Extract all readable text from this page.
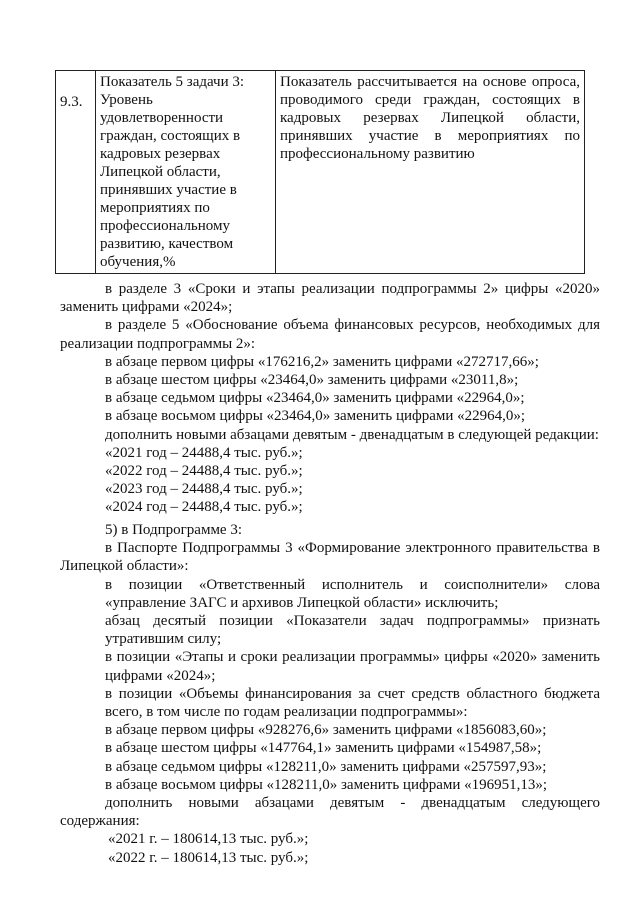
9.3.	Показатель 5 задачи 3: Уровень удовлетворенности граждан, состоящих в кадровых резервах Липецкой области, принявших участие в мероприятиях по профессиональному развитию, качеством обучения,%	Показатель рассчитывается на основе опроса, проводимого среди граждан, состоящих в кадровых резервах Липецкой области, принявших участие в мероприятиях по профессиональному развитию

в разделе 3 «Сроки и этапы реализации подпрограммы 2» цифры «2020» заменить цифрами «2024»;

в разделе 5 «Обоснование объема финансовых ресурсов, необходимых для реализации подпрограммы 2»:

в абзаце первом цифры «176216,2» заменить цифрами «272717,66»;

в абзаце шестом цифры «23464,0» заменить цифрами «23011,8»;

в абзаце седьмом цифры «23464,0» заменить цифрами «22964,0»;

в абзаце восьмом цифры «23464,0» заменить цифрами «22964,0»;

дополнить новыми абзацами девятым - двенадцатым в следующей редакции:

«2021 год – 24488,4 тыс. руб.»;

«2022 год – 24488,4 тыс. руб.»;

«2023 год – 24488,4 тыс. руб.»;

«2024 год – 24488,4 тыс. руб.»;

5) в Подпрограмме 3:

в Паспорте Подпрограммы 3 «Формирование электронного правительства в Липецкой области»:

в позиции «Ответственный исполнитель и соисполнители» слова «управление ЗАГС и архивов Липецкой области» исключить;

абзац десятый позиции «Показатели задач подпрограммы» признать утратившим силу;

в позиции «Этапы и сроки реализации программы» цифры «2020» заменить цифрами «2024»;

в позиции «Объемы финансирования за счет средств областного бюджета всего, в том числе по годам реализации подпрограммы»:

в абзаце первом цифры «928276,6» заменить цифрами «1856083,60»;

в абзаце шестом цифры «147764,1» заменить цифрами «154987,58»;

в абзаце седьмом цифры «128211,0» заменить цифрами «257597,93»;

в абзаце восьмом цифры «128211,0» заменить цифрами «196951,13»;

дополнить новыми абзацами девятым - двенадцатым следующего содержания:

«2021 г. – 180614,13 тыс. руб.»;

«2022 г. – 180614,13 тыс. руб.»;
